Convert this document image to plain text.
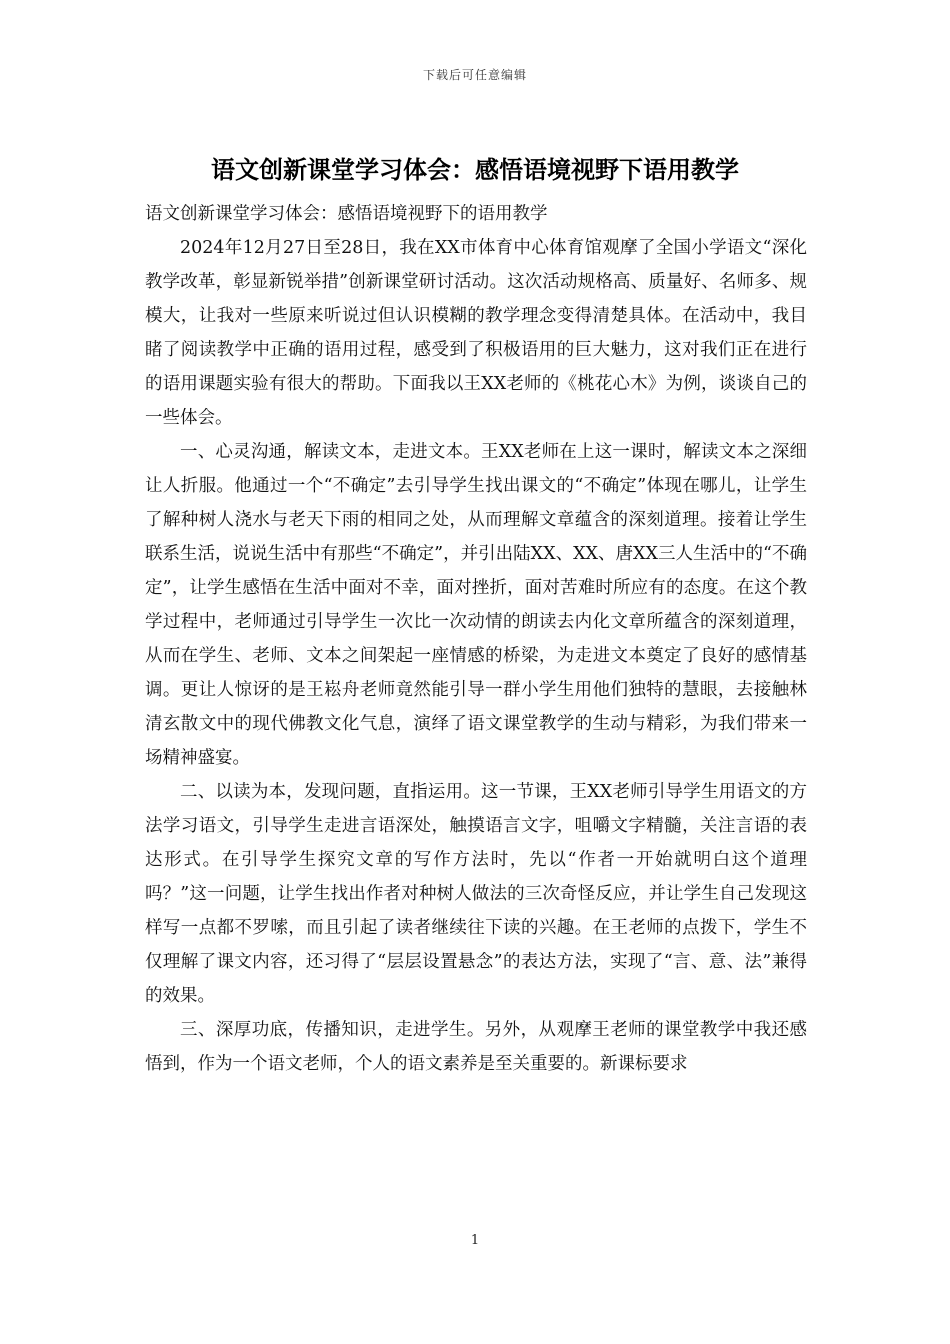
下载后可任意编辑
语文创新课堂学习体会：感悟语境视野下语用教学

语文创新课堂学习体会：感悟语境视野下的语用教学

2024年12月27日至28日，我在XX市体育中心体育馆观摩了全国小学语文“深化教学改革，彰显新锐举措”创新课堂研讨活动。这次活动规格高、质量好、名师多、规模大，让我对一些原来听说过但认识模糊的教学理念变得清楚具体。在活动中，我目睹了阅读教学中正确的语用过程，感受到了积极语用的巨大魅力，这对我们正在进行的语用课题实验有很大的帮助。下面我以王XX老师的《桃花心木》为例，谈谈自己的一些体会。

一、心灵沟通，解读文本，走进文本。王XX老师在上这一课时，解读文本之深细让人折服。他通过一个“不确定”去引导学生找出课文的“不确定”体现在哪儿，让学生了解种树人浇水与老天下雨的相同之处，从而理解文章蕴含的深刻道理。接着让学生联系生活，说说生活中有那些“不确定”，并引出陆XX、XX、唐XX三人生活中的“不确定”，让学生感悟在生活中面对不幸，面对挫折，面对苦难时所应有的态度。在这个教学过程中，老师通过引导学生一次比一次动情的朗读去内化文章所蕴含的深刻道理，从而在学生、老师、文本之间架起一座情感的桥梁，为走进文本奠定了良好的感情基调。更让人惊讶的是王崧舟老师竟然能引导一群小学生用他们独特的慧眼，去接触林清玄散文中的现代佛教文化气息，演绎了语文课堂教学的生动与精彩，为我们带来一场精神盛宴。

二、以读为本，发现问题，直指运用。这一节课，王XX老师引导学生用语文的方法学习语文，引导学生走进言语深处，触摸语言文字，咀嚼文字精髓，关注言语的表达形式。在引导学生探究文章的写作方法时，先以“作者一开始就明白这个道理吗？”这一问题，让学生找出作者对种树人做法的三次奇怪反应，并让学生自己发现这样写一点都不罗嗦，而且引起了读者继续往下读的兴趣。在王老师的点拨下，学生不仅理解了课文内容，还习得了“层层设置悬念”的表达方法，实现了“言、意、法”兼得的效果。

三、深厚功底，传播知识，走进学生。另外，从观摩王老师的课堂教学中我还感悟到，作为一个语文老师，个人的语文素养是至关重要的。新课标要求

1
